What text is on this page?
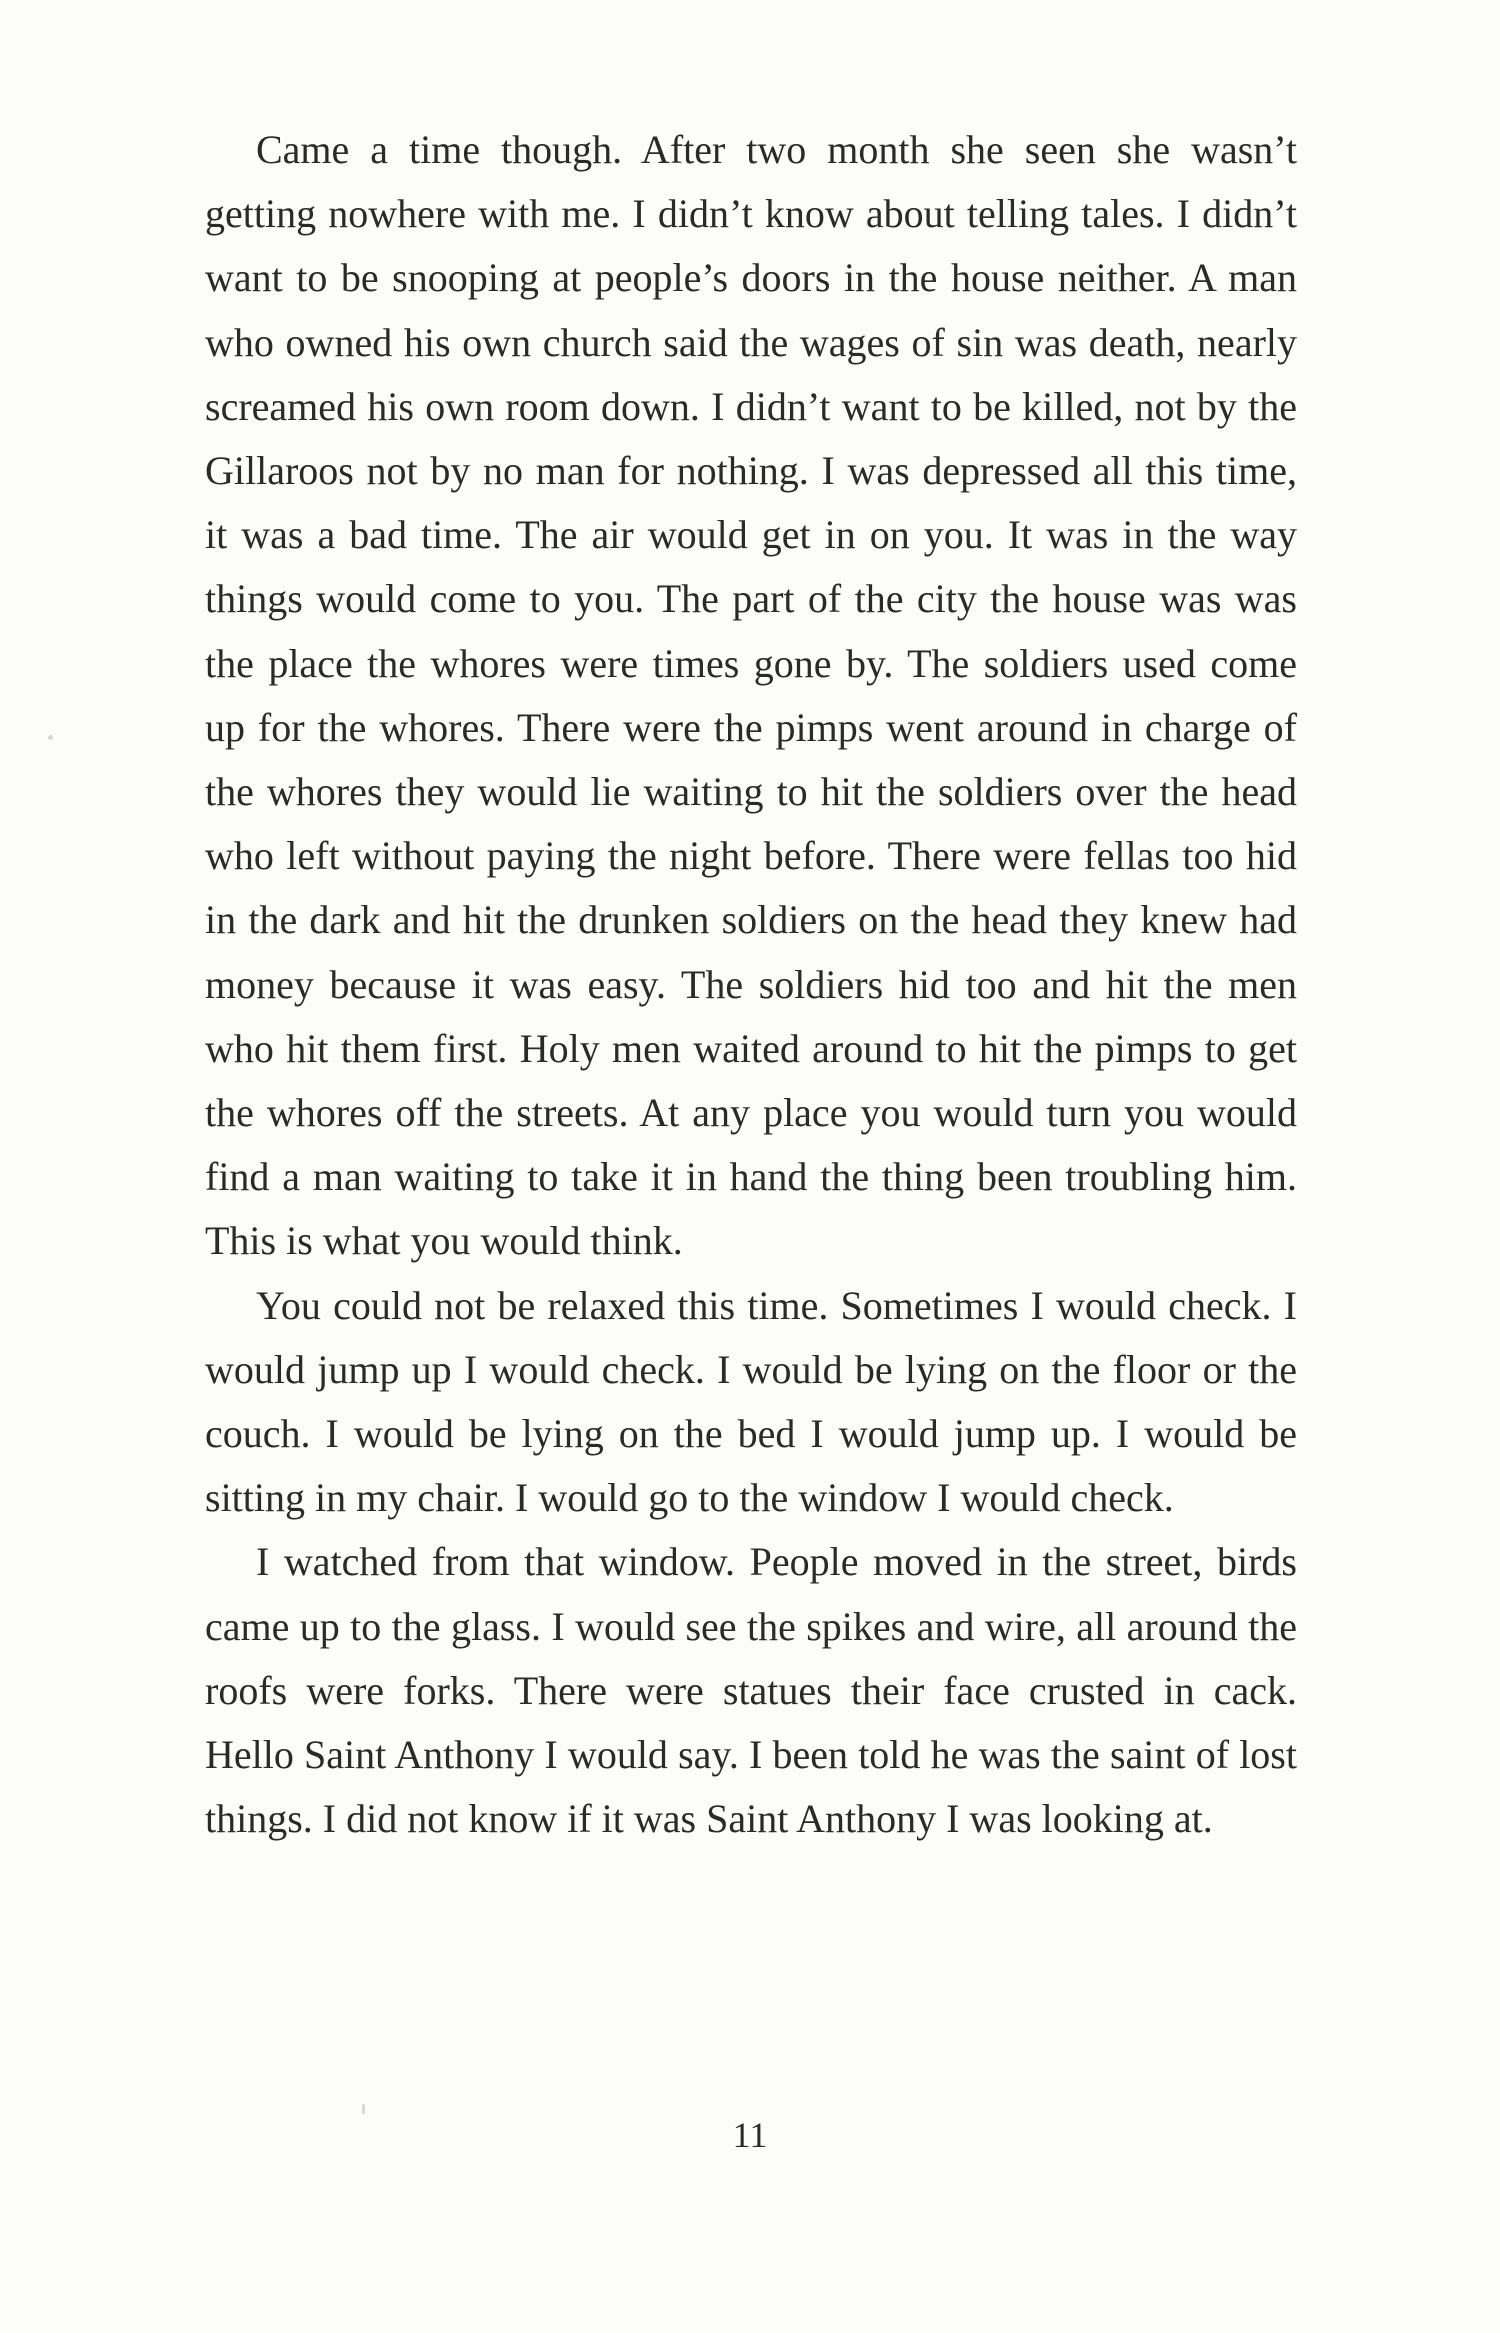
Came a time though. After two month she seen she wasn’t getting nowhere with me. I didn’t know about telling tales. I didn’t want to be snooping at people’s doors in the house neither. A man who owned his own church said the wages of sin was death, nearly screamed his own room down. I didn’t want to be killed, not by the Gillaroos not by no man for nothing. I was depressed all this time, it was a bad time. The air would get in on you. It was in the way things would come to you. The part of the city the house was was the place the whores were times gone by. The soldiers used come up for the whores. There were the pimps went around in charge of the whores they would lie waiting to hit the soldiers over the head who left without paying the night before. There were fellas too hid in the dark and hit the drunken soldiers on the head they knew had money because it was easy. The soldiers hid too and hit the men who hit them first. Holy men waited around to hit the pimps to get the whores off the streets. At any place you would turn you would find a man waiting to take it in hand the thing been troubling him. This is what you would think.

You could not be relaxed this time. Sometimes I would check. I would jump up I would check. I would be lying on the floor or the couch. I would be lying on the bed I would jump up. I would be sitting in my chair. I would go to the window I would check.

I watched from that window. People moved in the street, birds came up to the glass. I would see the spikes and wire, all around the roofs were forks. There were statues their face crusted in cack. Hello Saint Anthony I would say. I been told he was the saint of lost things. I did not know if it was Saint Anthony I was looking at.

11
